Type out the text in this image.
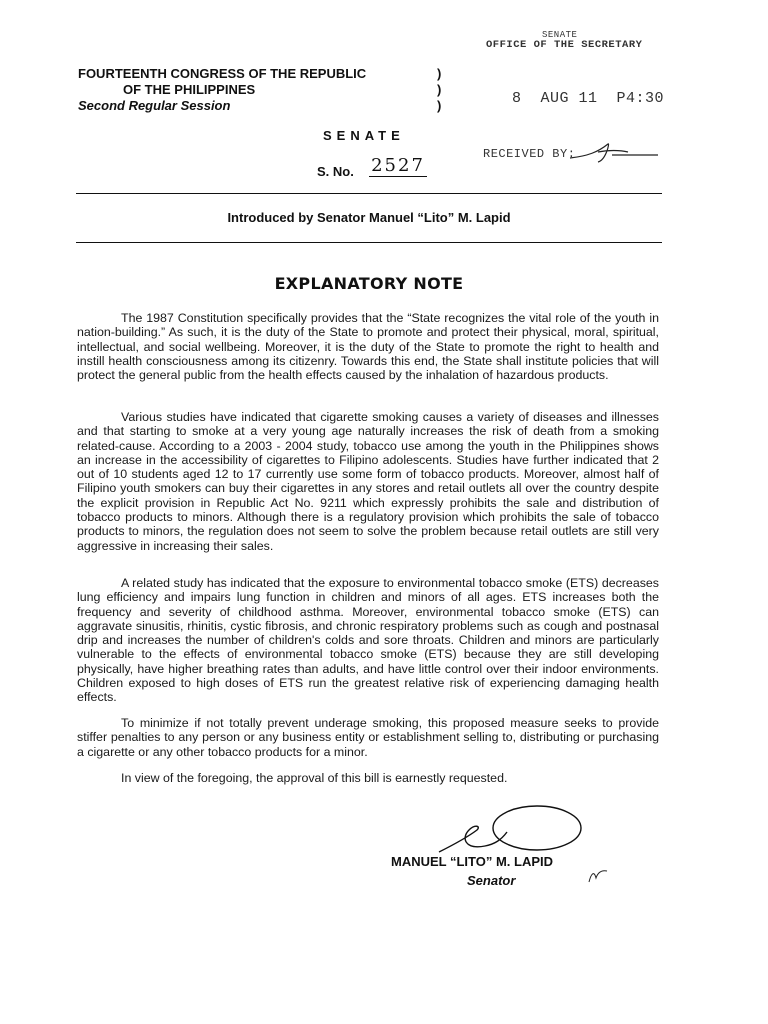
SENATE
OFFICE OF THE SECRETARY
8  AUG 11  P4:30
RECEIVED BY:
FOURTEENTH CONGRESS OF THE REPUBLIC
OF THE PHILIPPINES
Second Regular Session
)
)
)
SENATE
S. No. 2527
Introduced by Senator Manuel “Lito” M. Lapid
EXPLANATORY NOTE
The 1987 Constitution specifically provides that the “State recognizes the vital role of the youth in nation-building.” As such, it is the duty of the State to promote and protect their physical, moral, spiritual, intellectual, and social wellbeing. Moreover, it is the duty of the State to promote the right to health and instill health consciousness among its citizenry. Towards this end, the State shall institute policies that will protect the general public from the health effects caused by the inhalation of hazardous products.
Various studies have indicated that cigarette smoking causes a variety of diseases and illnesses and that starting to smoke at a very young age naturally increases the risk of death from a smoking related-cause. According to a 2003 - 2004 study, tobacco use among the youth in the Philippines shows an increase in the accessibility of cigarettes to Filipino adolescents. Studies have further indicated that 2 out of 10 students aged 12 to 17 currently use some form of tobacco products. Moreover, almost half of Filipino youth smokers can buy their cigarettes in any stores and retail outlets all over the country despite the explicit provision in Republic Act No. 9211 which expressly prohibits the sale and distribution of tobacco products to minors. Although there is a regulatory provision which prohibits the sale of tobacco products to minors, the regulation does not seem to solve the problem because retail outlets are still very aggressive in increasing their sales.
A related study has indicated that the exposure to environmental tobacco smoke (ETS) decreases lung efficiency and impairs lung function in children and minors of all ages. ETS increases both the frequency and severity of childhood asthma. Moreover, environmental tobacco smoke (ETS) can aggravate sinusitis, rhinitis, cystic fibrosis, and chronic respiratory problems such as cough and postnasal drip and increases the number of children's colds and sore throats. Children and minors are particularly vulnerable to the effects of environmental tobacco smoke (ETS) because they are still developing physically, have higher breathing rates than adults, and have little control over their indoor environments. Children exposed to high doses of ETS run the greatest relative risk of experiencing damaging health effects.
To minimize if not totally prevent underage smoking, this proposed measure seeks to provide stiffer penalties to any person or any business entity or establishment selling to, distributing or purchasing a cigarette or any other tobacco products for a minor.
In view of the foregoing, the approval of this bill is earnestly requested.
MANUEL “LITO” M. LAPID
Senator
